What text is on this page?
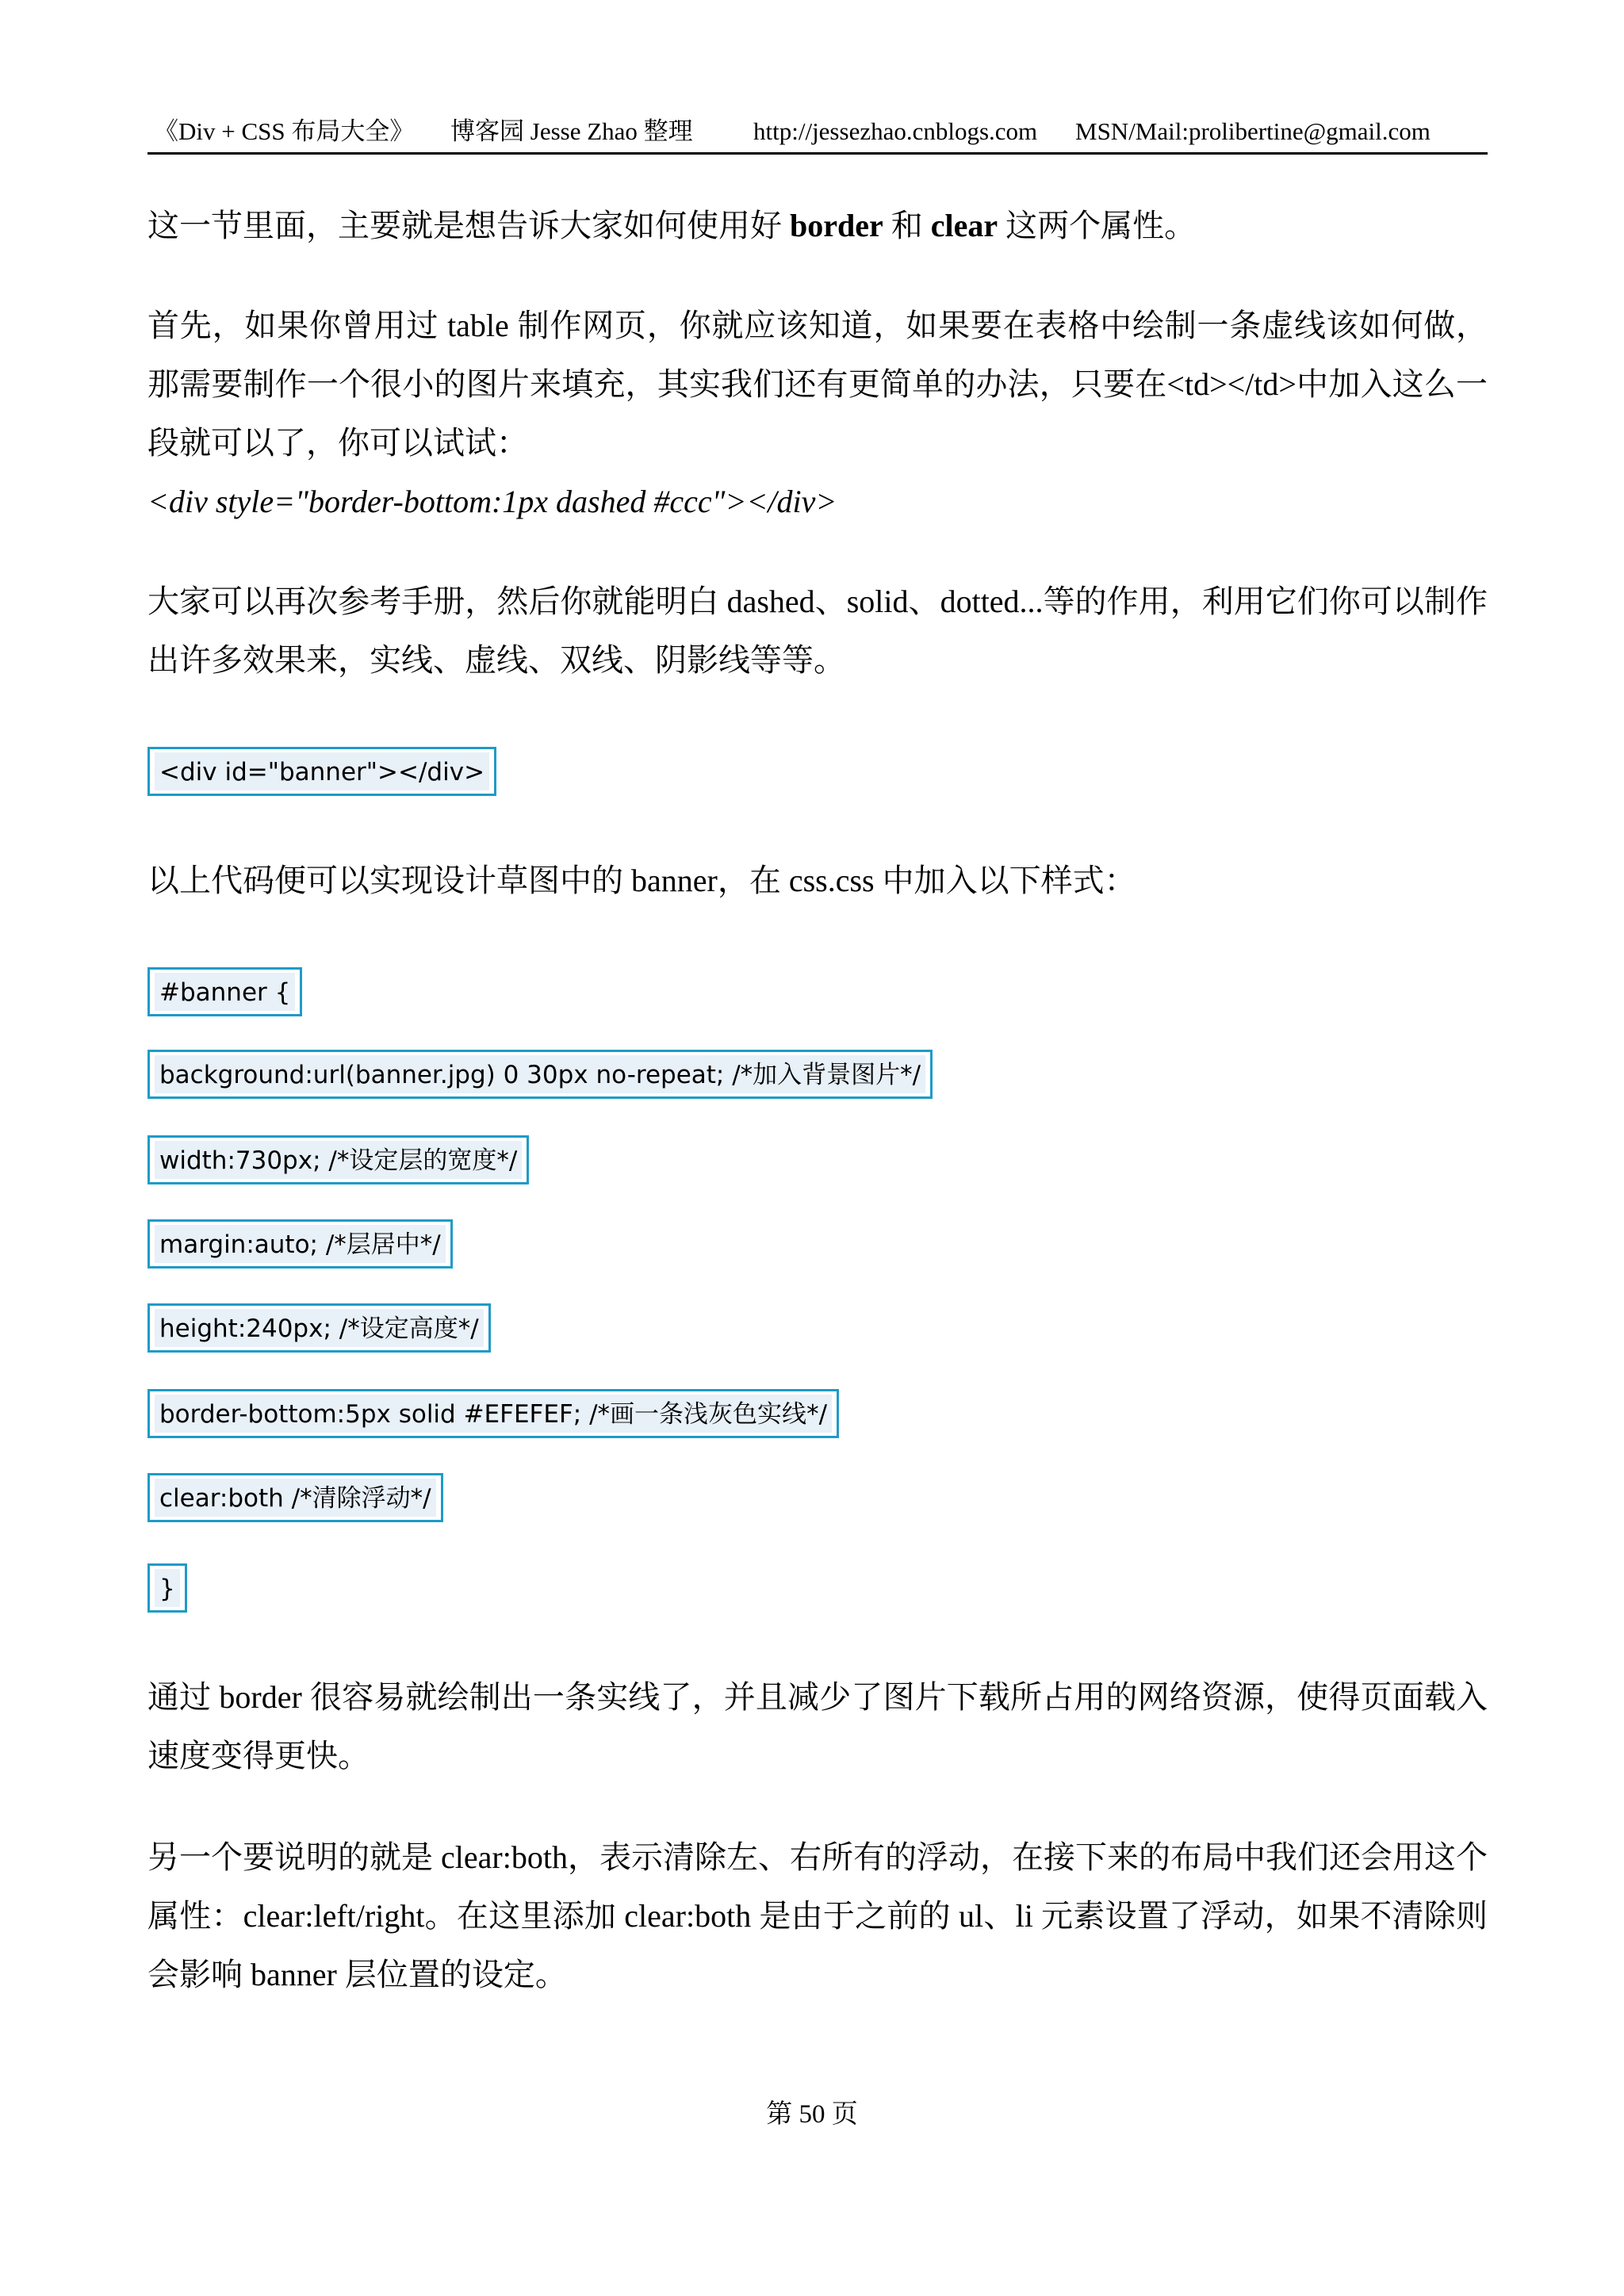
《Div + CSS 布局大全》 博客园 Jesse Zhao 整理 http://jessezhao.cnblogs.com MSN/Mail:prolibertine@gmail.com
这一节里面，主要就是想告诉大家如何使用好 border 和 clear 这两个属性。
首先，如果你曾用过 table 制作网页，你就应该知道，如果要在表格中绘制一条虚线该如何做，那需要制作一个很小的图片来填充，其实我们还有更简单的办法，只要在<td></td>中加入这么一段就可以了，你可以试试：
<div style="border-bottom:1px dashed #ccc"></div>
大家可以再次参考手册，然后你就能明白 dashed、solid、dotted...等的作用，利用它们你可以制作出许多效果来，实线、虚线、双线、阴影线等等。
<div id="banner"></div>
以上代码便可以实现设计草图中的 banner，在 css.css 中加入以下样式：
#banner {
background:url(banner.jpg) 0 30px no-repeat; /*加入背景图片*/
width:730px; /*设定层的宽度*/
margin:auto; /*层居中*/
height:240px; /*设定高度*/
border-bottom:5px solid #EFEFEF; /*画一条浅灰色实线*/
clear:both /*清除浮动*/
}
通过 border 很容易就绘制出一条实线了，并且减少了图片下载所占用的网络资源，使得页面载入速度变得更快。
另一个要说明的就是 clear:both，表示清除左、右所有的浮动，在接下来的布局中我们还会用这个属性：clear:left/right。在这里添加 clear:both 是由于之前的 ul、li 元素设置了浮动，如果不清除则会影响 banner 层位置的设定。
第 50 页
